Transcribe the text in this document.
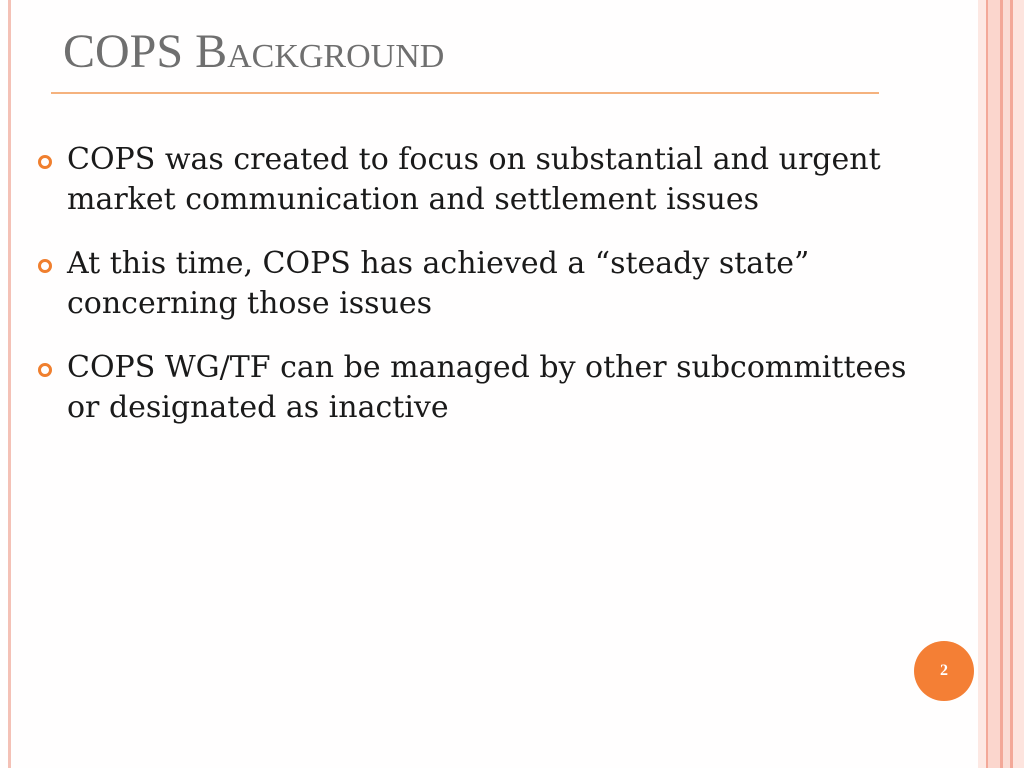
COPS Background
COPS was created to focus on substantial and urgent market communication and settlement issues
At this time, COPS has achieved a “steady state” concerning those issues
COPS WG/TF can be managed by other subcommittees or designated as inactive
2
